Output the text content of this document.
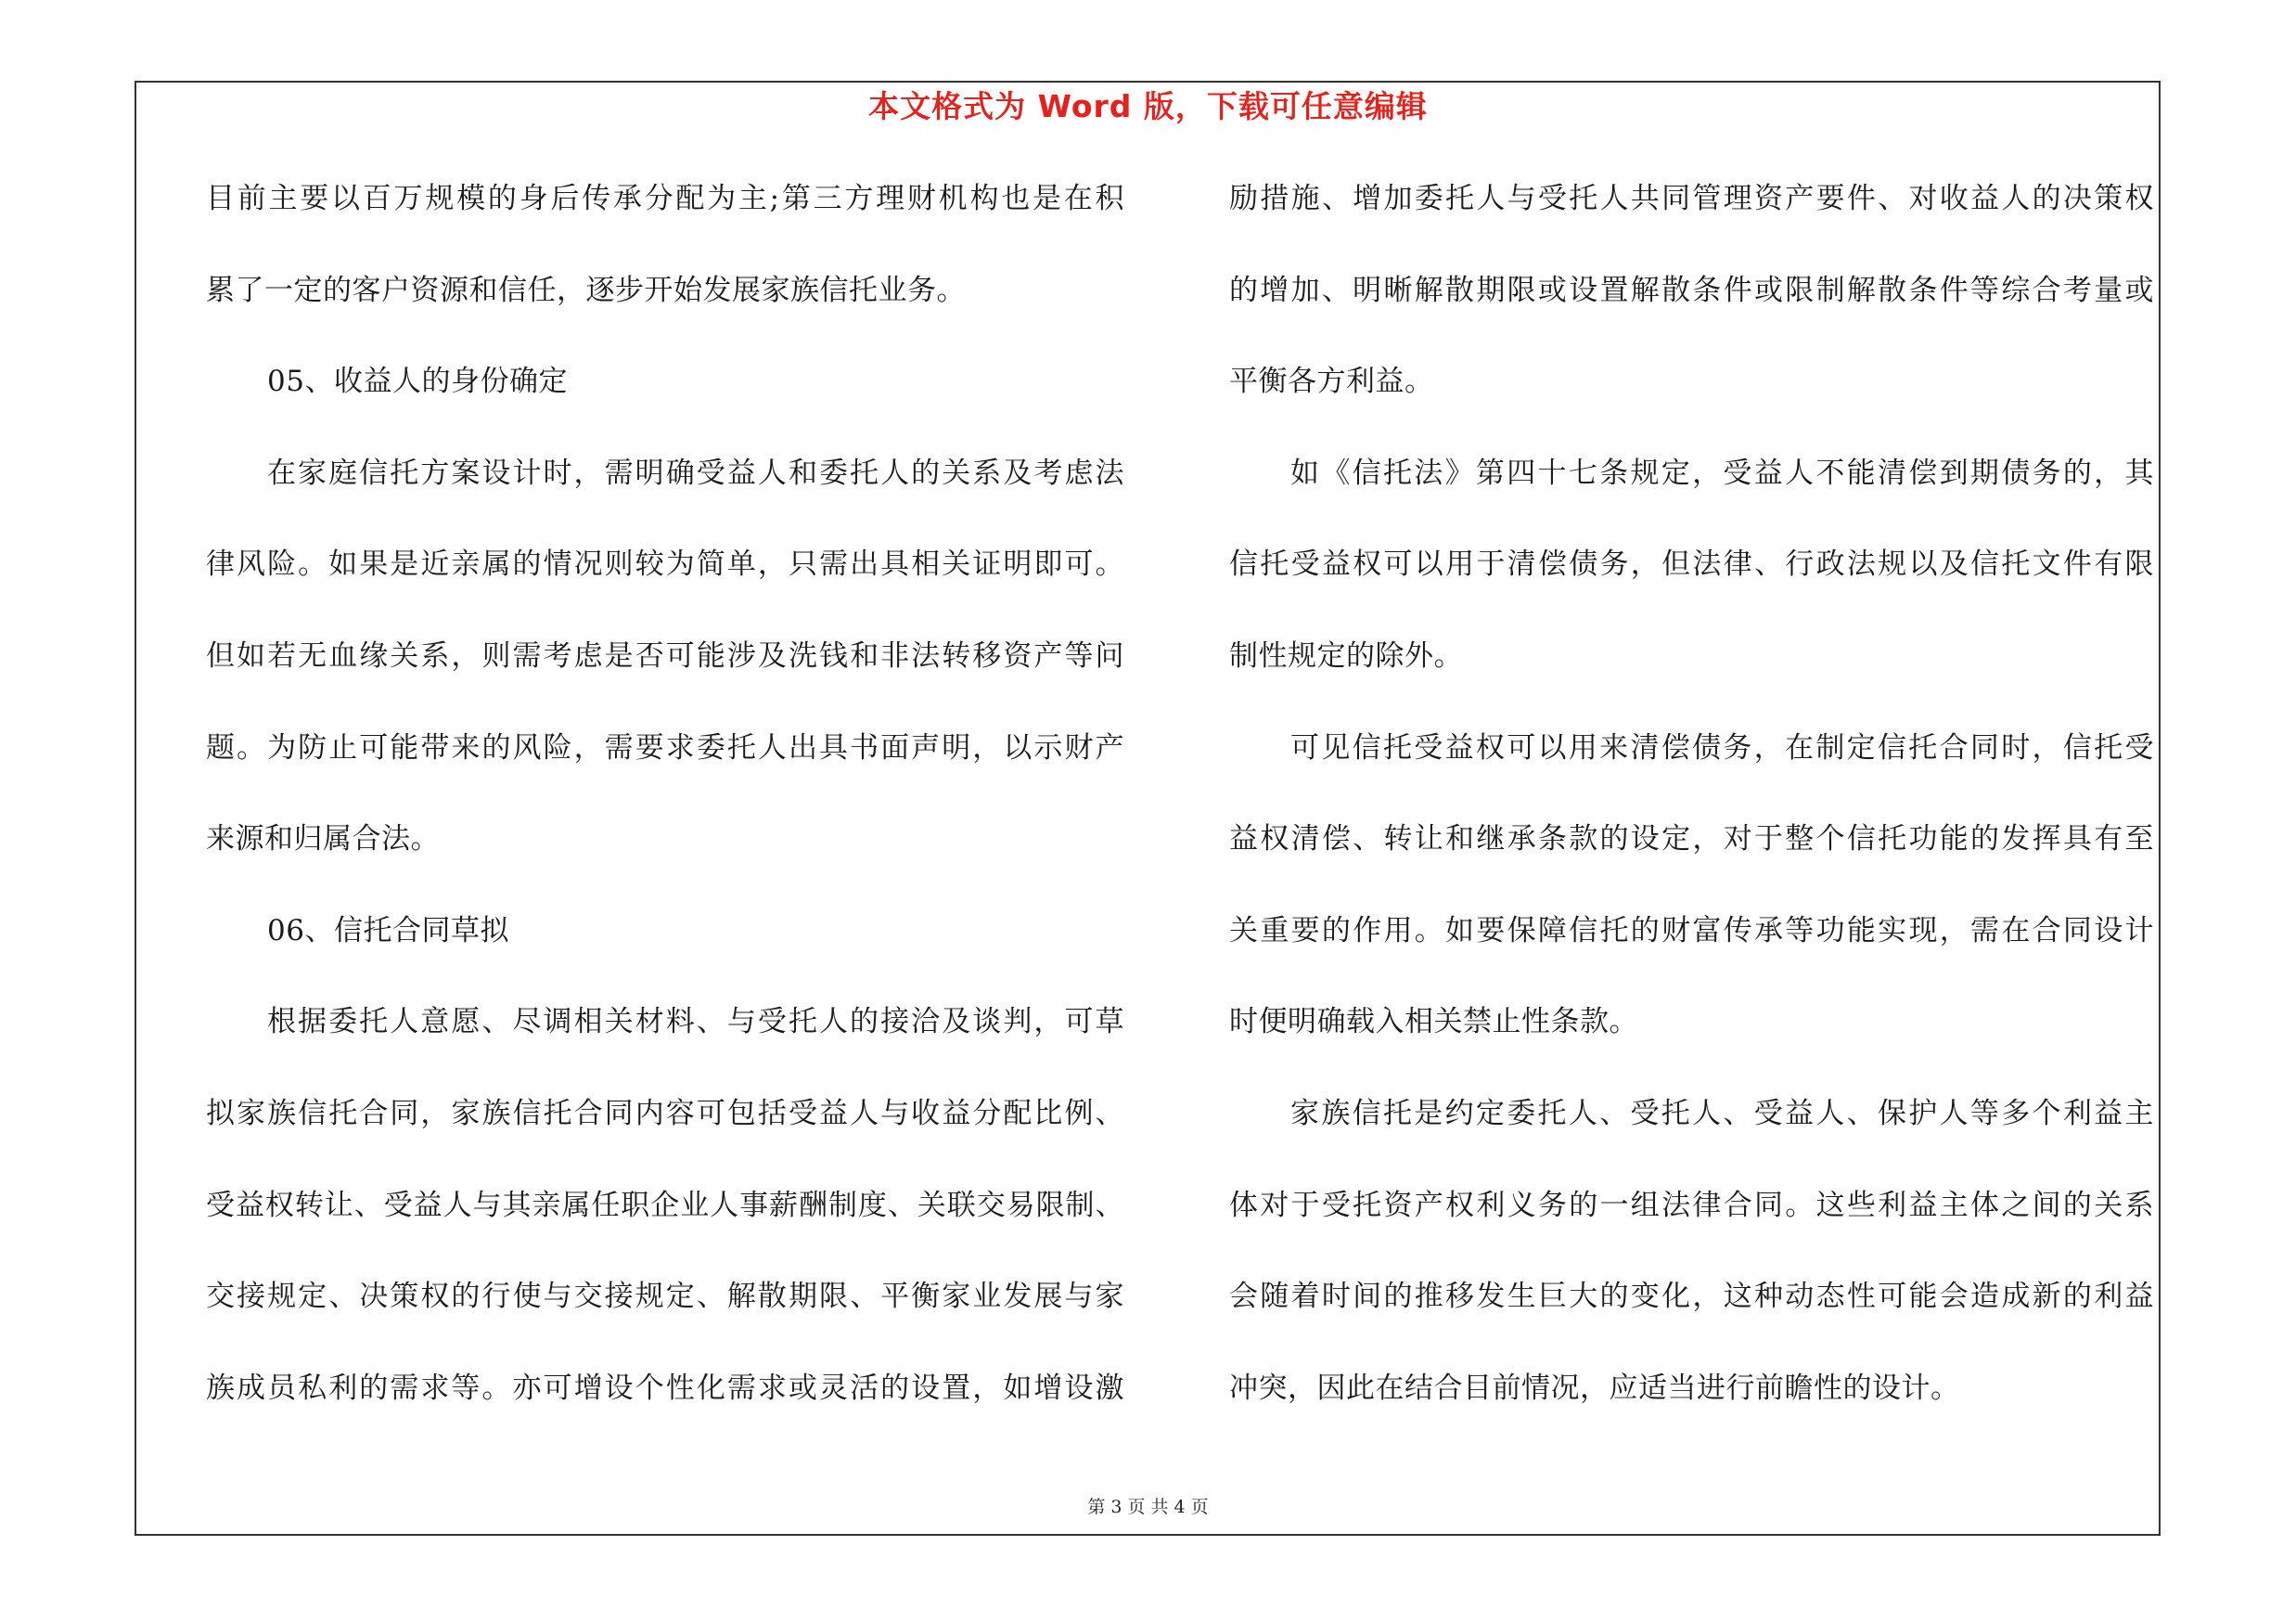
本文格式为 Word 版，下载可任意编辑
目前主要以百万规模的身后传承分配为主;第三方理财机构也是在积
累了一定的客户资源和信任，逐步开始发展家族信托业务。
05、收益人的身份确定
在家庭信托方案设计时，需明确受益人和委托人的关系及考虑法
律风险。如果是近亲属的情况则较为简单，只需出具相关证明即可。
但如若无血缘关系，则需考虑是否可能涉及洗钱和非法转移资产等问
题。为防止可能带来的风险，需要求委托人出具书面声明，以示财产
来源和归属合法。
06、信托合同草拟
根据委托人意愿、尽调相关材料、与受托人的接洽及谈判，可草
拟家族信托合同，家族信托合同内容可包括受益人与收益分配比例、
受益权转让、受益人与其亲属任职企业人事薪酬制度、关联交易限制、
交接规定、决策权的行使与交接规定、解散期限、平衡家业发展与家
族成员私利的需求等。亦可增设个性化需求或灵活的设置，如增设激
励措施、增加委托人与受托人共同管理资产要件、对收益人的决策权
的增加、明晰解散期限或设置解散条件或限制解散条件等综合考量或
平衡各方利益。
如《信托法》第四十七条规定，受益人不能清偿到期债务的，其
信托受益权可以用于清偿债务，但法律、行政法规以及信托文件有限
制性规定的除外。
可见信托受益权可以用来清偿债务，在制定信托合同时，信托受
益权清偿、转让和继承条款的设定，对于整个信托功能的发挥具有至
关重要的作用。如要保障信托的财富传承等功能实现，需在合同设计
时便明确载入相关禁止性条款。
家族信托是约定委托人、受托人、受益人、保护人等多个利益主
体对于受托资产权利义务的一组法律合同。这些利益主体之间的关系
会随着时间的推移发生巨大的变化，这种动态性可能会造成新的利益
冲突，因此在结合目前情况，应适当进行前瞻性的设计。
第 3 页 共 4 页
